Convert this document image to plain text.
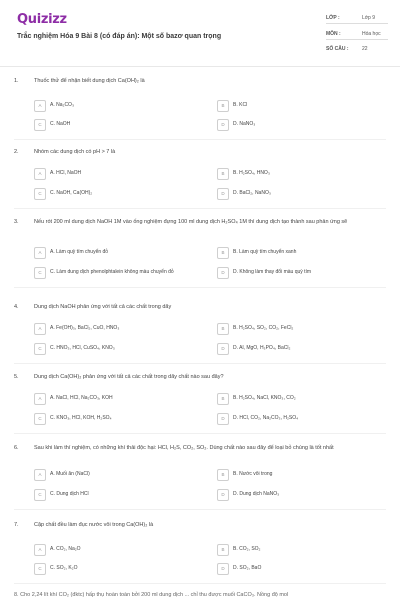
Quizizz
Trắc nghiệm Hóa 9 Bài 8 (có đáp án): Một số bazơ quan trọng
LỚP :	Lớp 9
MÔN :	Hóa học
SỐ CÂU :	22
1.	Thuốc thử để nhận biết dung dịch Ca(OH)₂ là
A	A. Na₂CO₃	B	B. KCl
C	C. NaOH	D	D. NaNO₃
2.	Nhóm các dung dịch có pH > 7 là
A	A. HCl, NaOH	B	B. H₂SO₄, HNO₃
C	C. NaOH, Ca(OH)₂	D	D. BaCl₂, NaNO₃
3.	Nếu rót 200 ml dung dịch NaOH 1M vào ống nghiệm đựng 100 ml dung dịch H₂SO₄ 1M thì dung dịch tạo thành sau phản ứng sẽ
A	A. Làm quỳ tím chuyển đỏ	B	B. Làm quỳ tím chuyển xanh
C	C. Làm dung dịch phenolphtalein không màu chuyển đỏ	D	D. Không làm thay đổi màu quỳ tím
4.	Dung dịch NaOH phản ứng với tất cả các chất trong dãy
A	A. Fe(OH)₃, BaCl₂, CuO, HNO₃	B	B. H₂SO₄, SO₂, CO₂, FeCl₂
C	C. HNO₃, HCl, CuSO₄, KNO₃	D	D. Al, MgO, H₃PO₄, BaCl₂
5.	Dung dịch Ca(OH)₂ phản ứng với tất cả các chất trong dãy chất nào sau đây?
A	A. NaCl, HCl, Na₂CO₃, KOH	B	B. H₂SO₄, NaCl, KNO₃, CO₂
C	C. KNO₃, HCl, KOH, H₂SO₄	D	D. HCl, CO₂, Na₂CO₃, H₂SO₄
6.	Sau khi làm thí nghiệm, có những khí thải độc hại: HCl, H₂S, CO₂, SO₂. Dùng chất nào sau đây để loại bỏ chúng là tốt nhất
A	A. Muối ăn (NaCl)	B	B. Nước vôi trong
C	C. Dung dịch HCl	D	D. Dung dịch NaNO₃
7.	Cặp chất đều làm đục nước vôi trong Ca(OH)₂ là
A	A. CO₂, Na₂O	B	B. CO₂, SO₂
C	C. SO₂, K₂O	D	D. SO₂, BaO
8. Cho 2,24 lít khí CO₂ (đktc) hấp thụ hoàn toàn bởi 200 ml dung dịch ... chỉ thu được muối CaCO₃. Nồng độ mol
